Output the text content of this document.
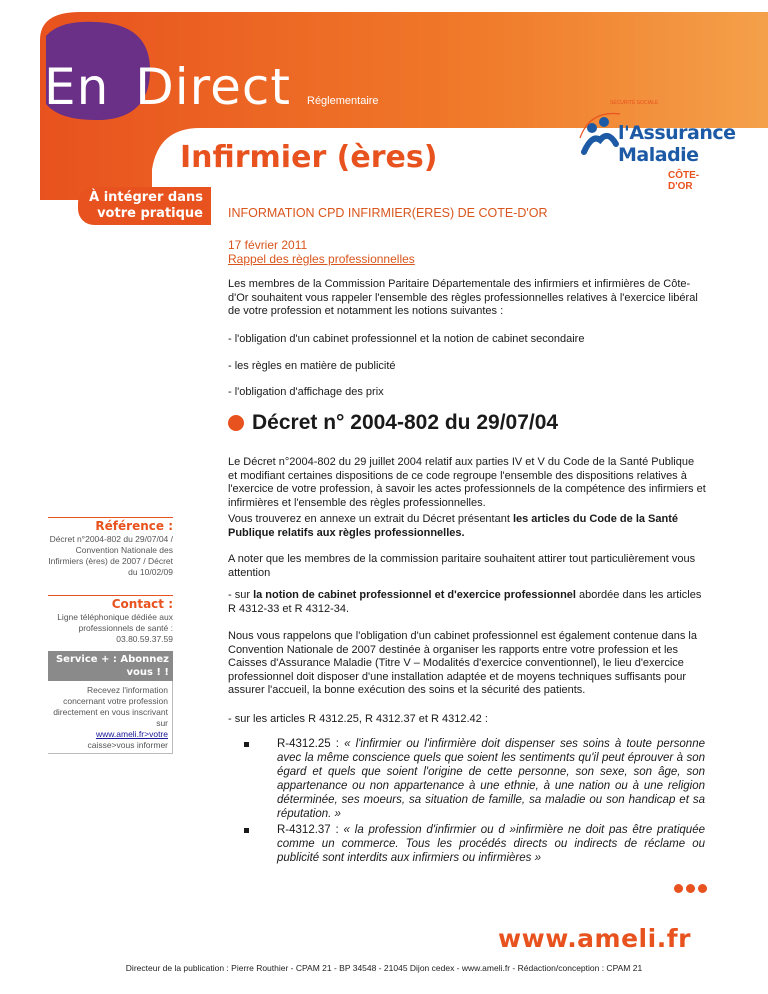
En Direct Réglementaire
Infirmier (ères)
l'Assurance
Maladie
CÔTE-D'OR
SÉCURITÉ SOCIALE
À intégrer dans
votre pratique
Référence :
Décret n°2004-802 du 29/07/04 / Convention Nationale des Infirmiers (ères) de 2007 / Décret du 10/02/09
Contact :
Ligne téléphonique dédiée aux professionnels de santé : 03.80.59.37.59
Service + : Abonnez vous ! !
Recevez l'information concernant votre profession directement en vous inscrivant sur
www.ameli.fr>votre
caisse>vous informer
INFORMATION CPD INFIRMIER(ERES) DE COTE-D'OR
17 février 2011
Rappel des règles professionnelles

Les membres de la Commission Paritaire Départementale des infirmiers et infirmières de Côte-d'Or souhaitent vous rappeler l'ensemble des règles professionnelles relatives à l'exercice libéral de votre profession et notamment les notions suivantes :

- l'obligation d'un cabinet professionnel et la notion de cabinet secondaire

- les règles en matière de publicité

- l'obligation d'affichage des prix

Décret n° 2004-802 du 29/07/04

Le Décret n°2004-802 du 29 juillet 2004 relatif aux parties IV et V du Code de la Santé Publique et modifiant certaines dispositions de ce code regroupe l'ensemble des dispositions relatives à l'exercice de votre profession, à savoir les actes professionnels de la compétence des infirmiers et infirmières et l'ensemble des règles professionnelles.

Vous trouverez en annexe un extrait du Décret présentant les articles du Code de la Santé Publique relatifs aux règles professionnelles.

A noter que les membres de la commission paritaire souhaitent attirer tout particulièrement vous attention

- sur la notion de cabinet professionnel et d'exercice professionnel abordée dans les articles R 4312-33 et R 4312-34.

Nous vous rappelons que l'obligation d'un cabinet professionnel est également contenue dans la Convention Nationale de 2007 destinée à organiser les rapports entre votre profession et les Caisses d'Assurance Maladie (Titre V – Modalités d'exercice conventionnel), le lieu d'exercice professionnel doit disposer d'une installation adaptée et de moyens techniques suffisants pour assurer l'accueil, la bonne exécution des soins et la sécurité des patients.

- sur les articles R 4312.25, R 4312.37 et R 4312.42 :

R-4312.25 : « l'infirmier ou l'infirmière doit dispenser ses soins à toute personne avec la même conscience quels que soient les sentiments qu'il peut éprouver à son égard et quels que soient l'origine de cette personne, son sexe, son âge, son appartenance ou non appartenance à une ethnie, à une nation ou à une religion déterminée, ses moeurs, sa situation de famille, sa maladie ou son handicap et sa réputation. »
R-4312.37 : « la profession d'infirmier ou d »infirmière ne doit pas être pratiquée comme un commerce. Tous les procédés directs ou indirects de réclame ou publicité sont interdits aux infirmiers ou infirmières »
www.ameli.fr
Directeur de la publication : Pierre Routhier - CPAM 21 - BP 34548 - 21045 Dijon cedex - www.ameli.fr - Rédaction/conception : CPAM 21
